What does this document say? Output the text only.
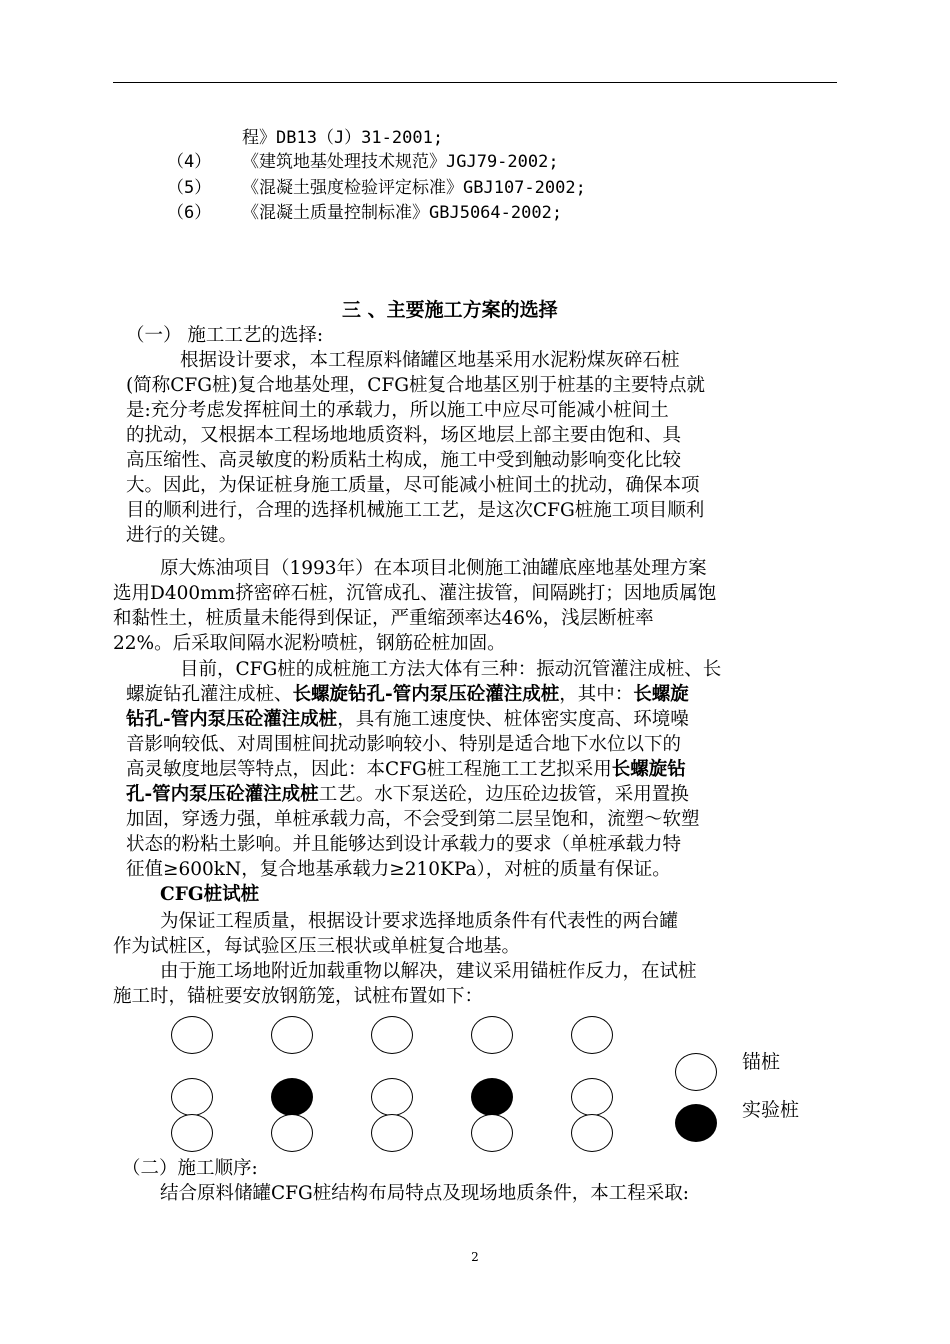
程》DB13（J）31-2001;
（4） 《建筑地基处理技术规范》JGJ79-2002;
（5） 《混凝土强度检验评定标准》GBJ107-2002;
（6） 《混凝土质量控制标准》GBJ5064-2002;
三 、主要施工方案的选择
（一） 施工工艺的选择:
根据设计要求，本工程原料储罐区地基采用水泥粉煤灰碎石桩
(简称CFG桩)复合地基处理，CFG桩复合地基区别于桩基的主要特点就
是:充分考虑发挥桩间土的承载力，所以施工中应尽可能减小桩间土
的扰动，又根据本工程场地地质资料，场区地层上部主要由饱和、具
高压缩性、高灵敏度的粉质粘土构成，施工中受到触动影响变化比较
大。因此，为保证桩身施工质量，尽可能减小桩间土的扰动，确保本项
目的顺利进行，合理的选择机械施工工艺，是这次CFG桩施工项目顺利
进行的关键。
原大炼油项目（1993年）在本项目北侧施工油罐底座地基处理方案
选用D400mm挤密碎石桩，沉管成孔、灌注拔管，间隔跳打；因地质属饱
和黏性土，桩质量未能得到保证，严重缩颈率达46%，浅层断桩率
22%。后采取间隔水泥粉喷桩，钢筋砼桩加固。
目前，CFG桩的成桩施工方法大体有三种：振动沉管灌注成桩、长
螺旋钻孔灌注成桩、长螺旋钻孔-管内泵压砼灌注成桩，其中：长螺旋
钻孔-管内泵压砼灌注成桩，具有施工速度快、桩体密实度高、环境噪
音影响较低、对周围桩间扰动影响较小、特别是适合地下水位以下的
高灵敏度地层等特点，因此：本CFG桩工程施工工艺拟采用长螺旋钻
孔-管内泵压砼灌注成桩工艺。水下泵送砼，边压砼边拔管，采用置换
加固，穿透力强，单桩承载力高，不会受到第二层呈饱和，流塑～软塑
状态的粉粘土影响。并且能够达到设计承载力的要求（单桩承载力特
征值≥600kN，复合地基承载力≥210KPa），对桩的质量有保证。
CFG桩试桩
为保证工程质量，根据设计要求选择地质条件有代表性的两台罐
作为试桩区，每试验区压三根状或单桩复合地基。
由于施工场地附近加载重物以解决，建议采用锚桩作反力，在试桩
施工时，锚桩要安放钢筋笼，试桩布置如下：
锚桩
实验桩
（二）施工顺序:
结合原料储罐CFG桩结构布局特点及现场地质条件，本工程采取:
2
